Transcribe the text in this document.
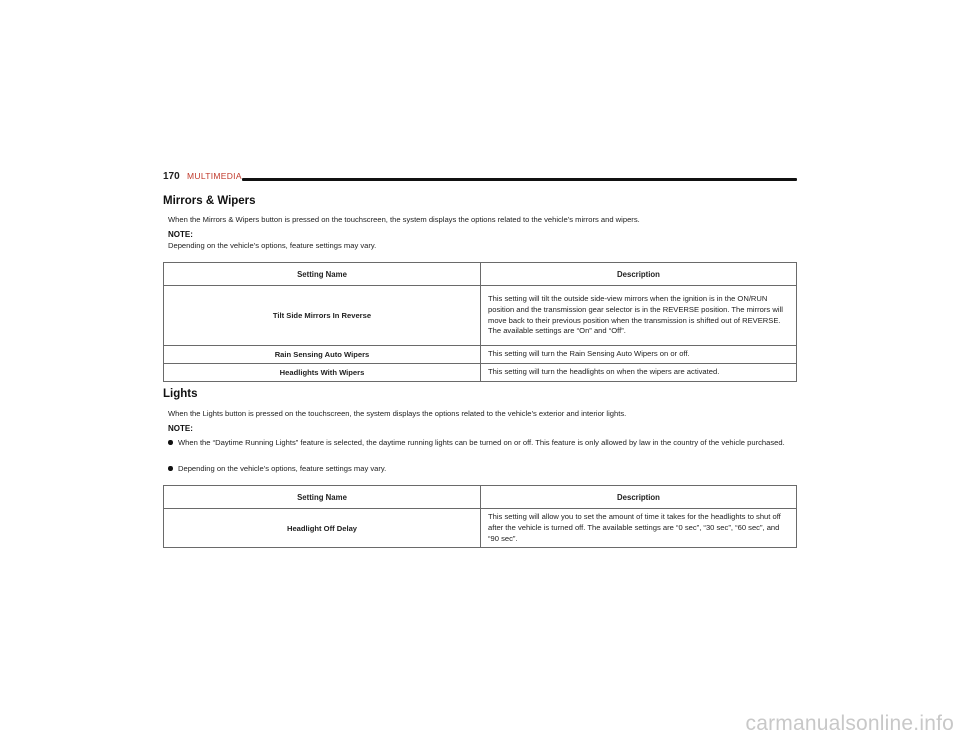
170 MULTIMEDIA
Mirrors & Wipers
When the Mirrors & Wipers button is pressed on the touchscreen, the system displays the options related to the vehicle’s mirrors and wipers.
NOTE:
Depending on the vehicle’s options, feature settings may vary.
Setting Name	Description
Tilt Side Mirrors In Reverse	This setting will tilt the outside side-view mirrors when the ignition is in the ON/RUN position and the transmission gear selector is in the REVERSE position. The mirrors will move back to their previous position when the transmission is shifted out of REVERSE. The available settings are “On” and “Off”.
Rain Sensing Auto Wipers	This setting will turn the Rain Sensing Auto Wipers on or off.
Headlights With Wipers	This setting will turn the headlights on when the wipers are activated.
Lights
When the Lights button is pressed on the touchscreen, the system displays the options related to the vehicle’s exterior and interior lights.
NOTE:
When the “Daytime Running Lights” feature is selected, the daytime running lights can be turned on or off. This feature is only allowed by law in the country of the vehicle purchased.
Depending on the vehicle’s options, feature settings may vary.
Setting Name	Description
Headlight Off Delay	This setting will allow you to set the amount of time it takes for the headlights to shut off after the vehicle is turned off. The available settings are “0 sec”, “30 sec”, “60 sec”, and “90 sec”.
carmanualsonline.info
